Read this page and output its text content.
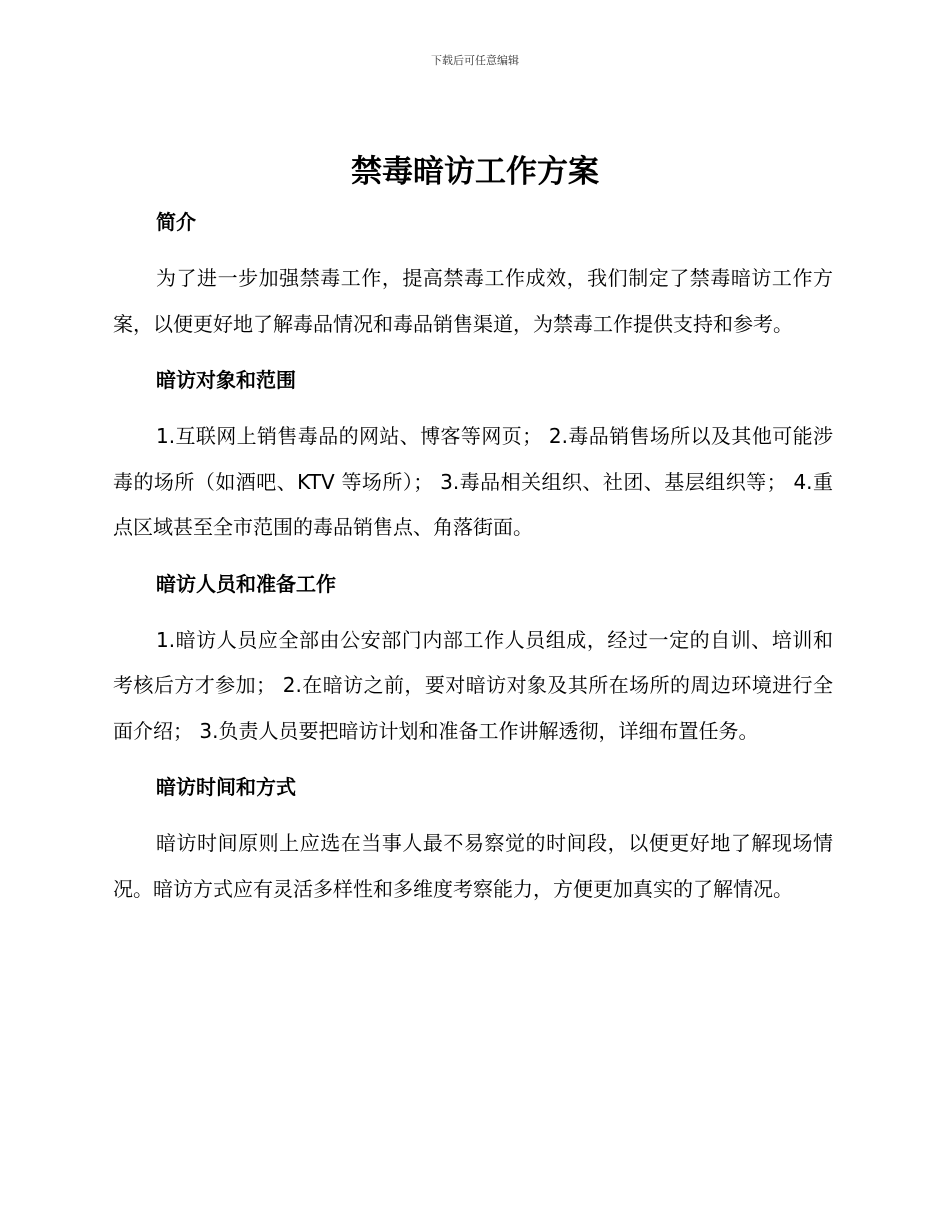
下载后可任意编辑
禁毒暗访工作方案
简介

为了进一步加强禁毒工作，提高禁毒工作成效，我们制定了禁毒暗访工作方案，以便更好地了解毒品情况和毒品销售渠道，为禁毒工作提供支持和参考。

暗访对象和范围

1.互联网上销售毒品的网站、博客等网页； 2.毒品销售场所以及其他可能涉毒的场所（如酒吧、KTV 等场所）； 3.毒品相关组织、社团、基层组织等； 4.重点区域甚至全市范围的毒品销售点、角落街面。

暗访人员和准备工作

1.暗访人员应全部由公安部门内部工作人员组成，经过一定的自训、培训和考核后方才参加； 2.在暗访之前，要对暗访对象及其所在场所的周边环境进行全面介绍； 3.负责人员要把暗访计划和准备工作讲解透彻，详细布置任务。

暗访时间和方式

暗访时间原则上应选在当事人最不易察觉的时间段，以便更好地了解现场情况。暗访方式应有灵活多样性和多维度考察能力，方便更加真实的了解情况。
